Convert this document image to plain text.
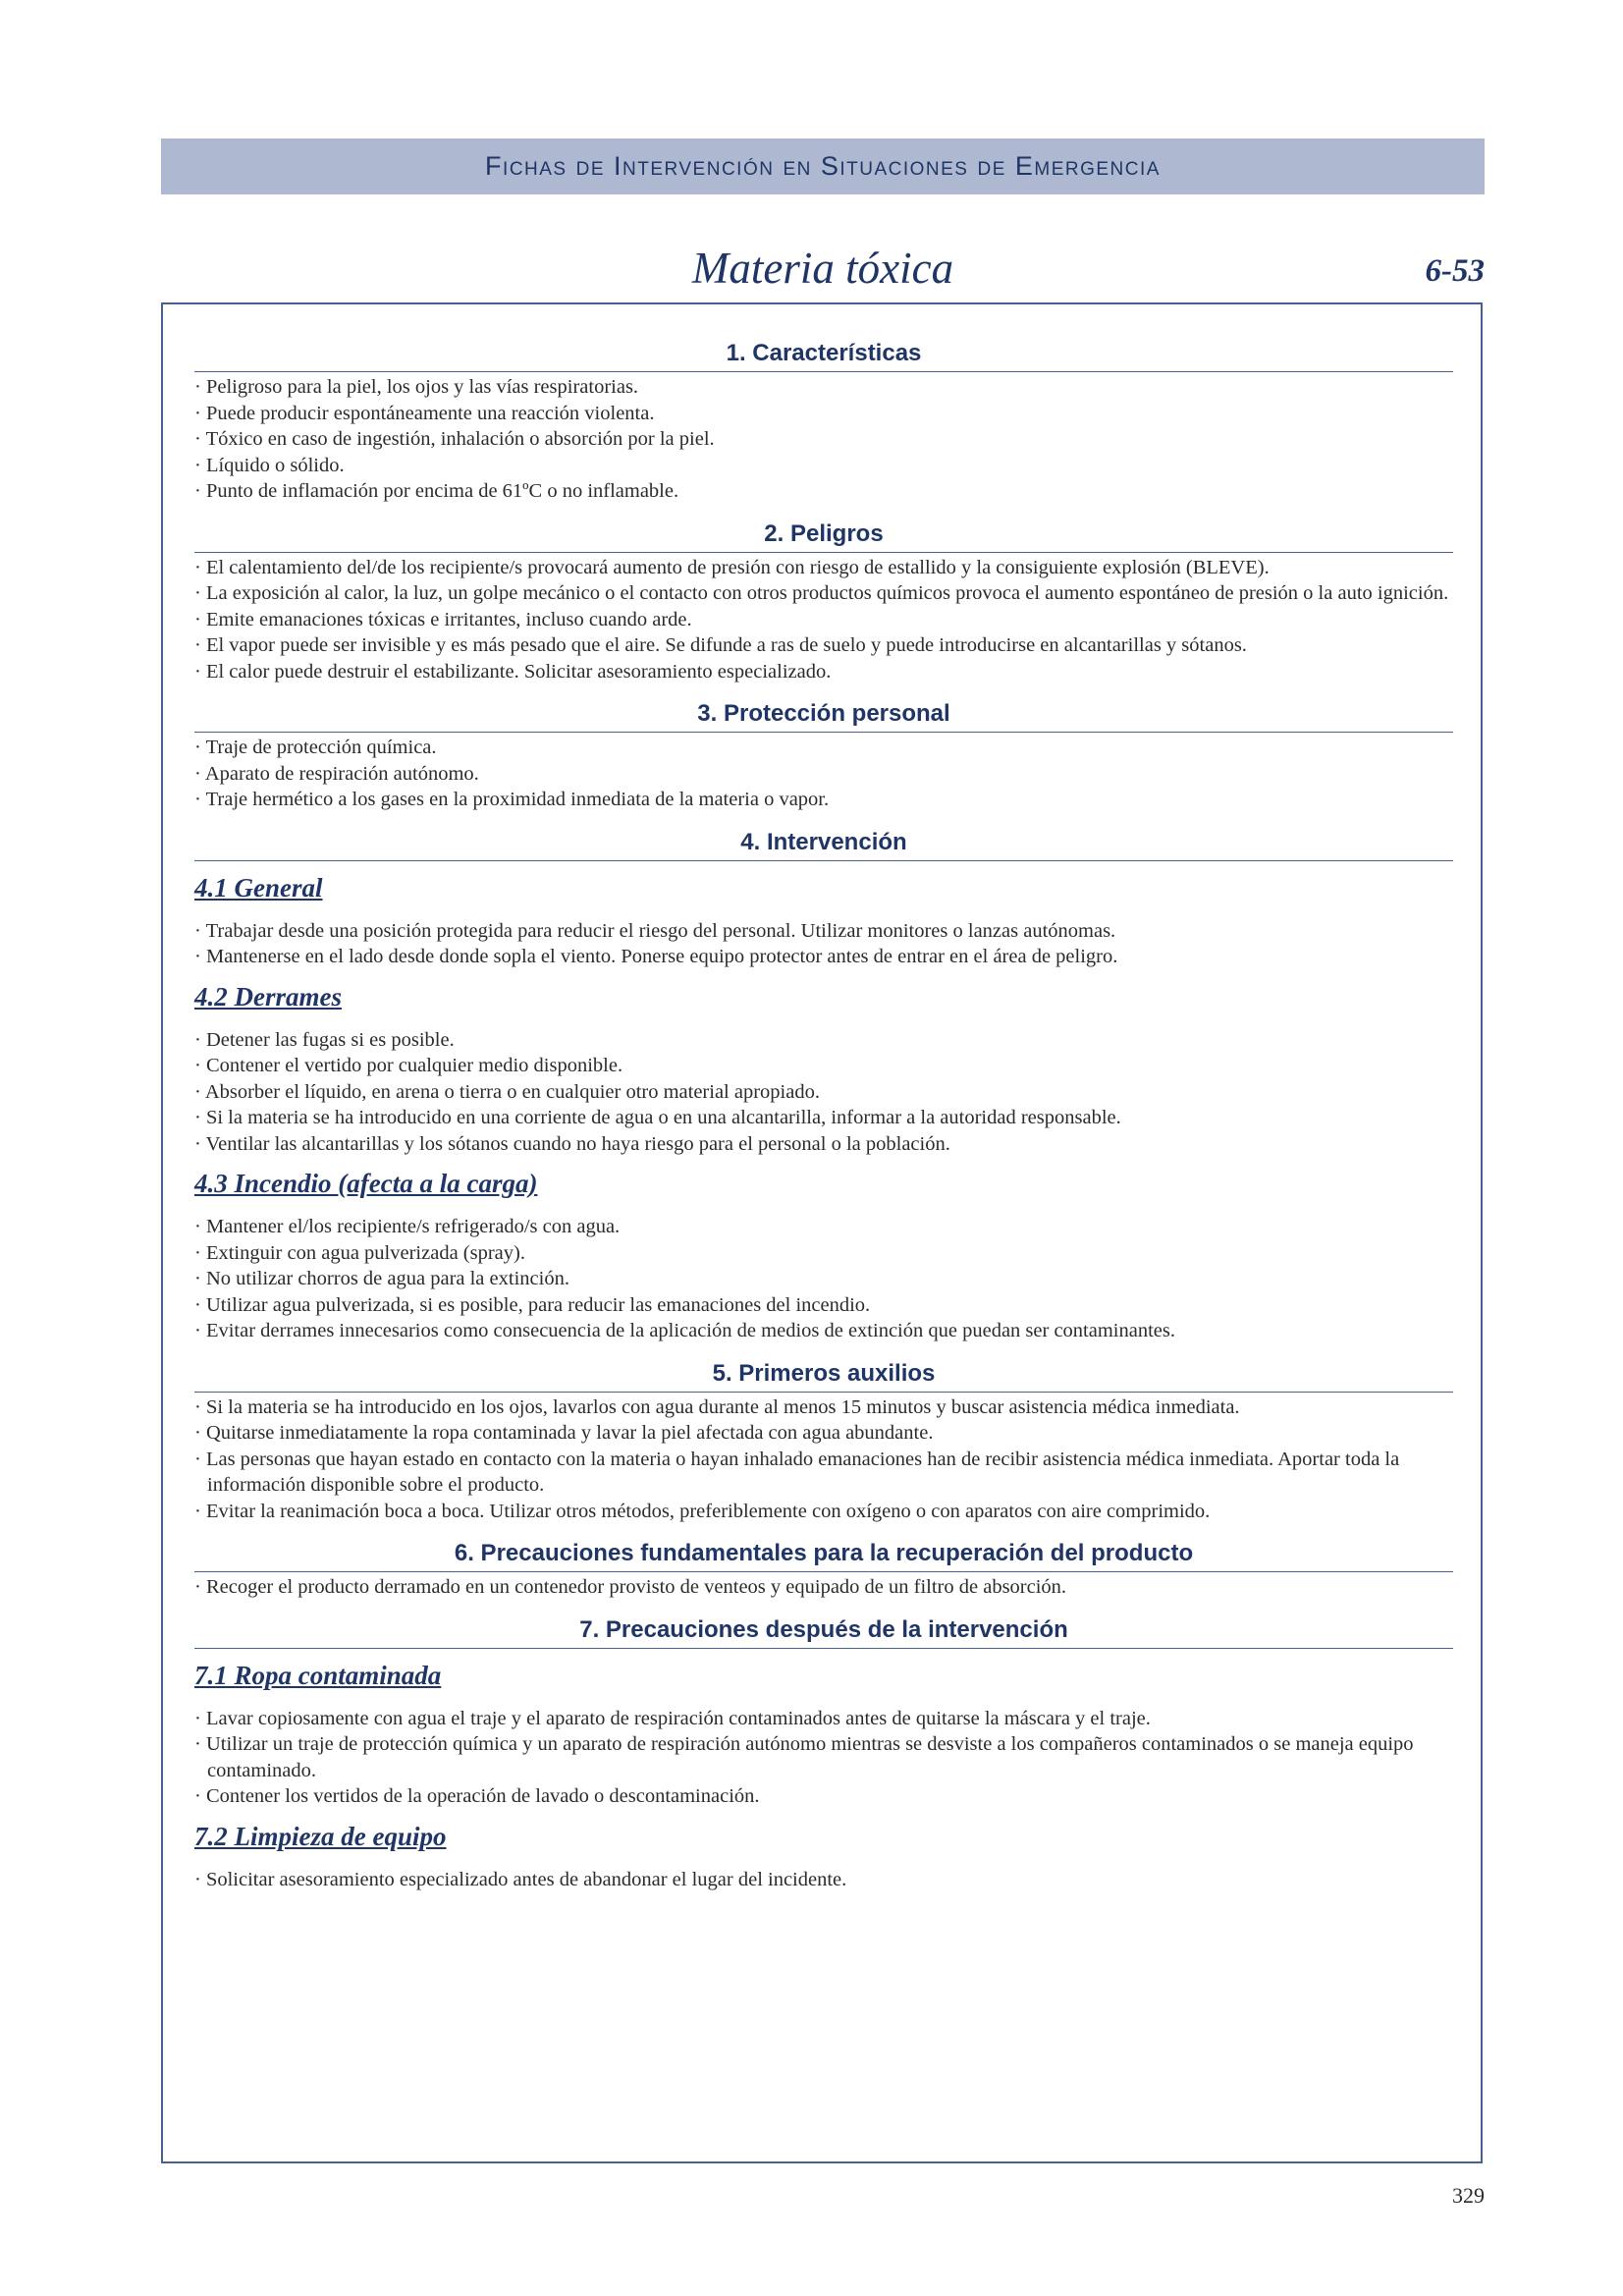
Fichas de Intervención en Situaciones de Emergencia
Materia tóxica	6-53
1. Características
· Peligroso para la piel, los ojos y las vías respiratorias.
· Puede producir espontáneamente una reacción violenta.
· Tóxico en caso de ingestión, inhalación o absorción por la piel.
· Líquido o sólido.
· Punto de inflamación por encima de 61ºC o no inflamable.
2. Peligros
· El calentamiento del/de los recipiente/s provocará aumento de presión con riesgo de estallido y la consiguiente explosión (BLEVE).
· La exposición al calor, la luz, un golpe mecánico o el contacto con otros productos químicos provoca el aumento espontáneo de presión o la auto ignición.
· Emite emanaciones tóxicas e irritantes, incluso cuando arde.
· El vapor puede ser invisible y es más pesado que el aire. Se difunde a ras de suelo y puede introducirse en alcantarillas y sótanos.
· El calor puede destruir el estabilizante. Solicitar asesoramiento especializado.
3. Protección personal
· Traje de protección química.
· Aparato de respiración autónomo.
· Traje hermético a los gases en la proximidad inmediata de la materia o vapor.
4. Intervención
4.1 General
· Trabajar desde una posición protegida para reducir el riesgo del personal. Utilizar monitores o lanzas autónomas.
· Mantenerse en el lado desde donde sopla el viento. Ponerse equipo protector antes de entrar en el área de peligro.
4.2 Derrames
· Detener las fugas si es posible.
· Contener el vertido por cualquier medio disponible.
· Absorber el líquido, en arena o tierra o en cualquier otro material apropiado.
· Si la materia se ha introducido en una corriente de agua o en una alcantarilla, informar a la autoridad responsable.
· Ventilar las alcantarillas y los sótanos cuando no haya riesgo para el personal o la población.
4.3 Incendio (afecta a la carga)
· Mantener el/los recipiente/s refrigerado/s con agua.
· Extinguir con agua pulverizada (spray).
· No utilizar chorros de agua para la extinción.
· Utilizar agua pulverizada, si es posible, para reducir las emanaciones del incendio.
· Evitar derrames innecesarios como consecuencia de la aplicación de medios de extinción que puedan ser contaminantes.
5. Primeros auxilios
· Si la materia se ha introducido en los ojos, lavarlos con agua durante al menos 15 minutos y buscar asistencia médica inmediata.
· Quitarse inmediatamente la ropa contaminada y lavar la piel afectada con agua abundante.
· Las personas que hayan estado en contacto con la materia o hayan inhalado emanaciones han de recibir asistencia médica inmediata. Aportar toda la información disponible sobre el producto.
· Evitar la reanimación boca a boca. Utilizar otros métodos, preferiblemente con oxígeno o con aparatos con aire comprimido.
6. Precauciones fundamentales para la recuperación del producto
· Recoger el producto derramado en un contenedor provisto de venteos y equipado de un filtro de absorción.
7. Precauciones después de la intervención
7.1 Ropa contaminada
· Lavar copiosamente con agua el traje y el aparato de respiración contaminados antes de quitarse la máscara y el traje.
· Utilizar un traje de protección química y un aparato de respiración autónomo mientras se desviste a los compañeros contaminados o se maneja equipo contaminado.
· Contener los vertidos de la operación de lavado o descontaminación.
7.2 Limpieza de equipo
· Solicitar asesoramiento especializado antes de abandonar el lugar del incidente.
329
